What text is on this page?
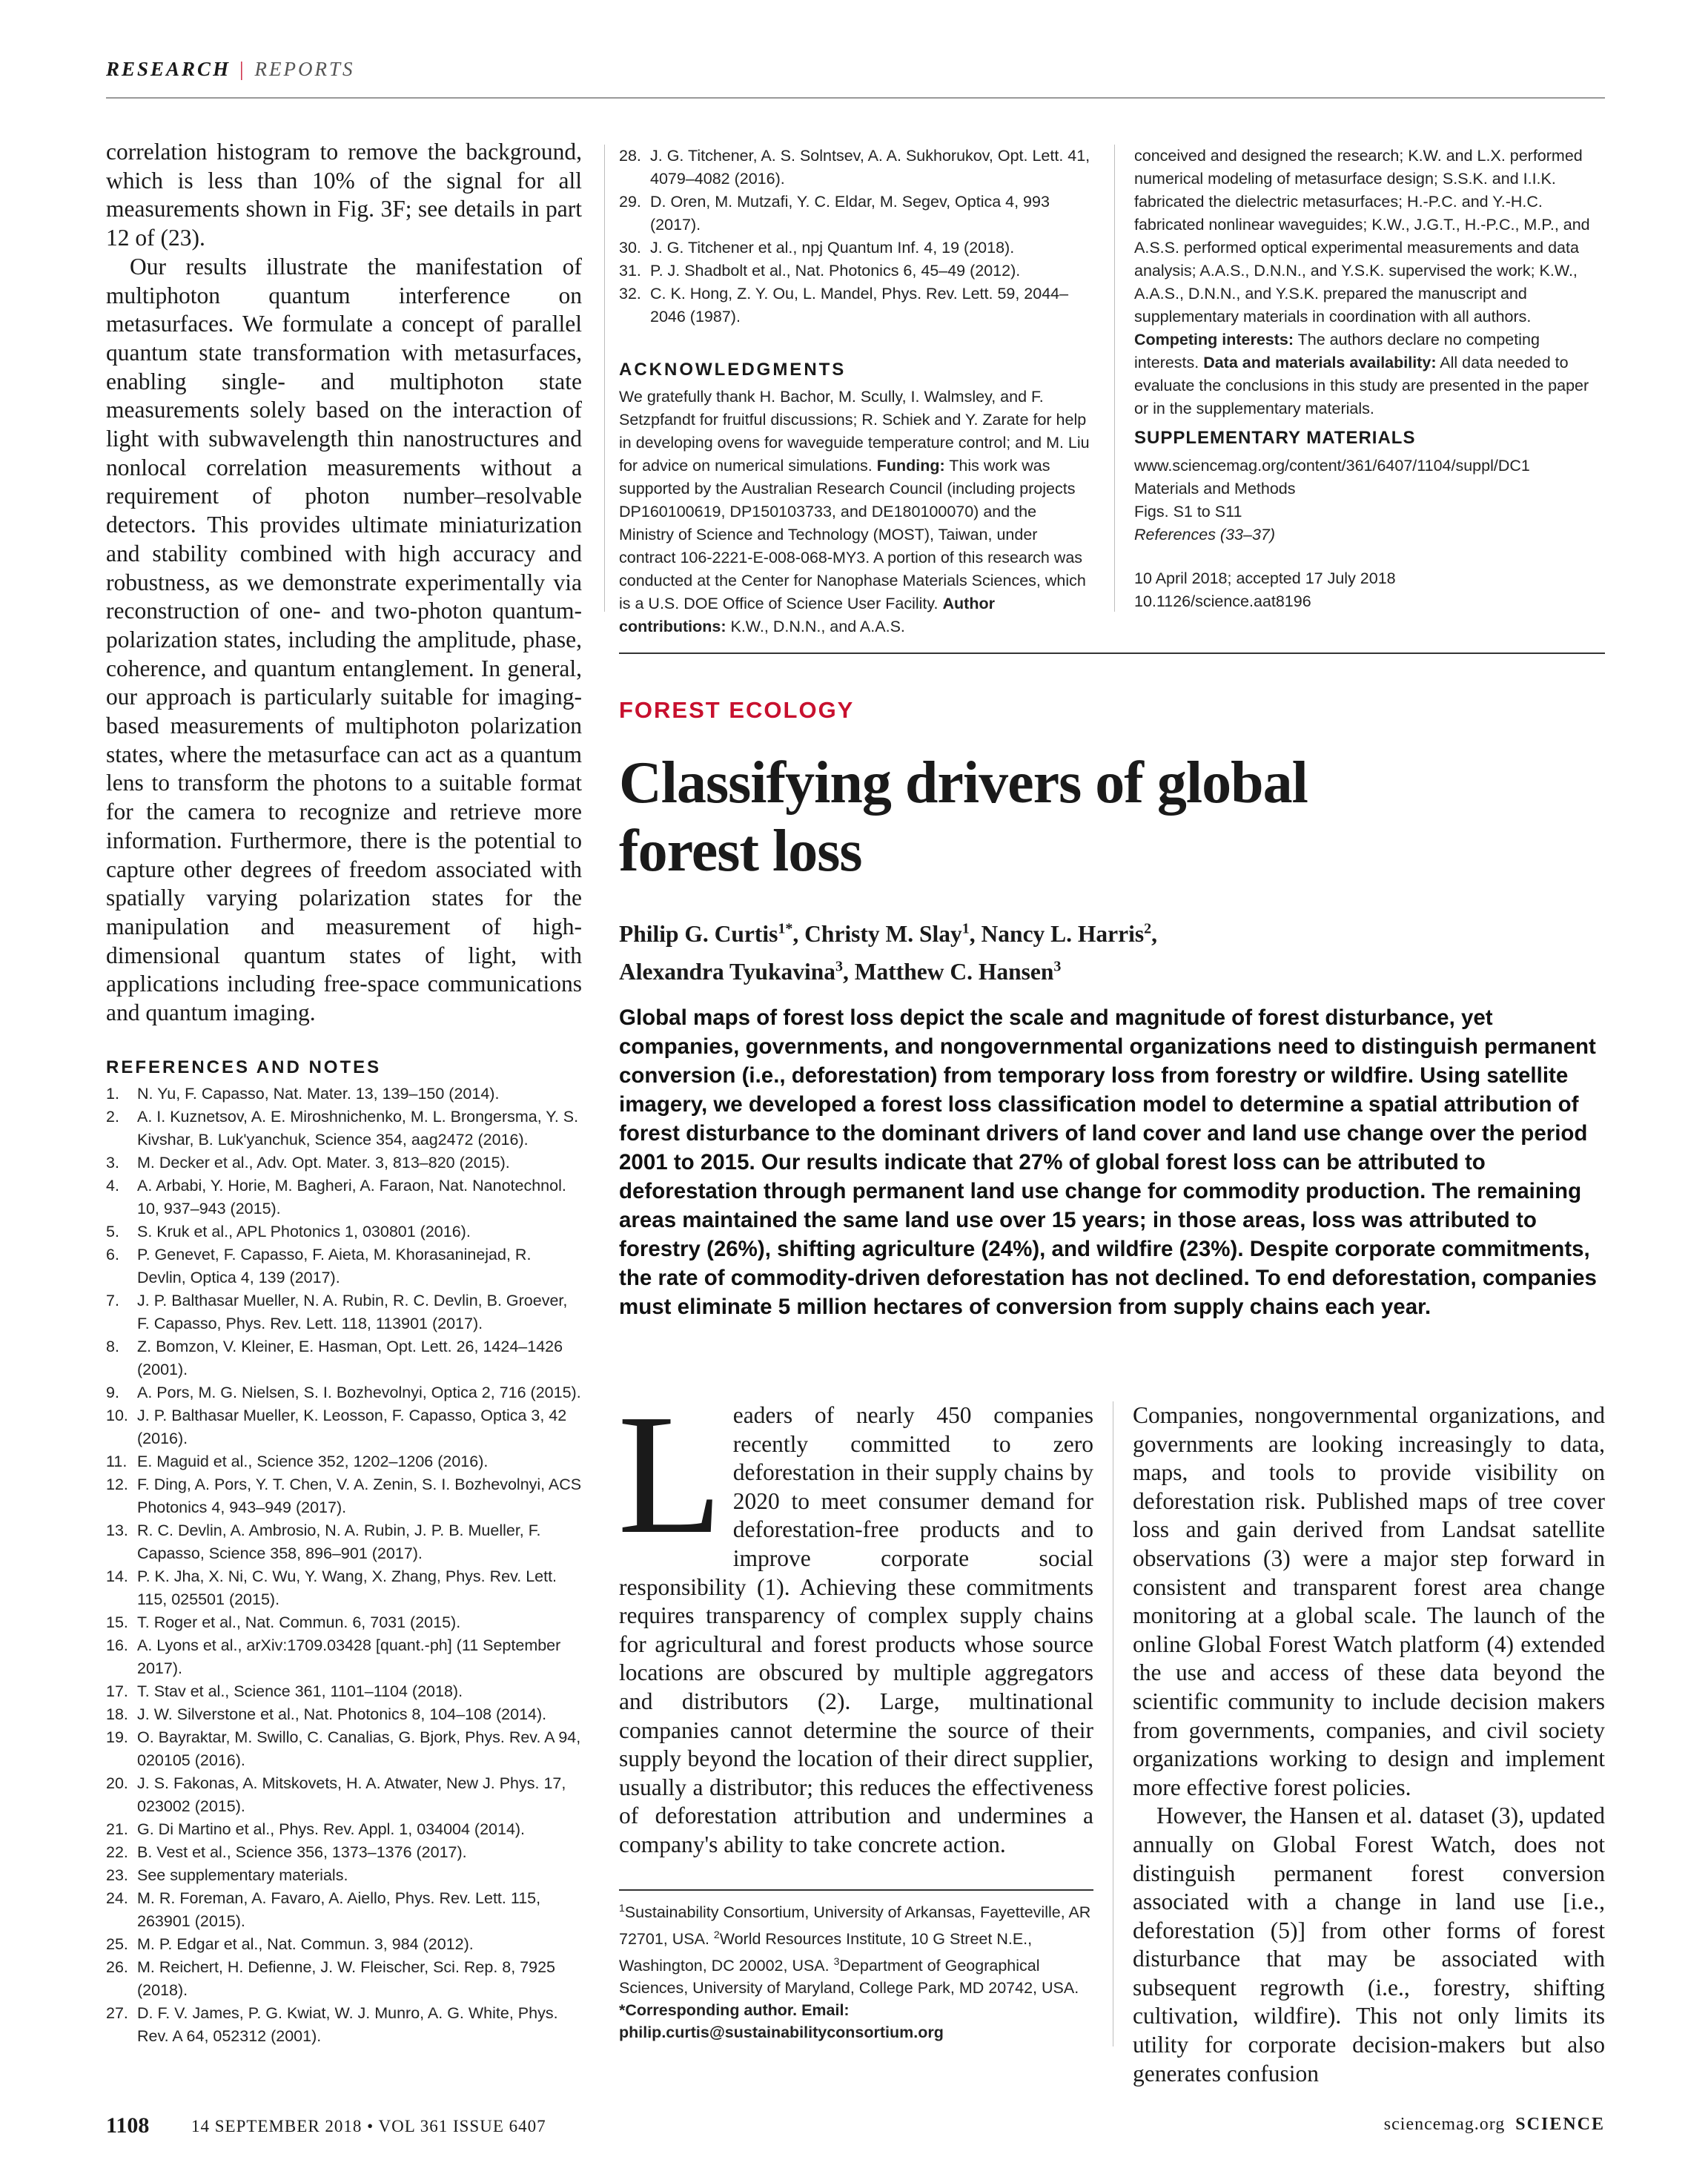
RESEARCH | REPORTS

correlation histogram to remove the background, which is less than 10% of the signal for all measurements shown in Fig. 3F; see details in part 12 of (23).

Our results illustrate the manifestation of multiphoton quantum interference on metasurfaces. We formulate a concept of parallel quantum state transformation with metasurfaces, enabling single- and multiphoton state measurements solely based on the interaction of light with subwavelength thin nanostructures and nonlocal correlation measurements without a requirement of photon number–resolvable detectors. This provides ultimate miniaturization and stability combined with high accuracy and robustness, as we demonstrate experimentally via reconstruction of one- and two-photon quantum-polarization states, including the amplitude, phase, coherence, and quantum entanglement. In general, our approach is particularly suitable for imaging-based measurements of multiphoton polarization states, where the metasurface can act as a quantum lens to transform the photons to a suitable format for the camera to recognize and retrieve more information. Furthermore, there is the potential to capture other degrees of freedom associated with spatially varying polarization states for the manipulation and measurement of high-dimensional quantum states of light, with applications including free-space communications and quantum imaging.

REFERENCES AND NOTES
1. N. Yu, F. Capasso, Nat. Mater. 13, 139–150 (2014).
2. A. I. Kuznetsov, A. E. Miroshnichenko, M. L. Brongersma, Y. S. Kivshar, B. Luk'yanchuk, Science 354, aag2472 (2016).
3. M. Decker et al., Adv. Opt. Mater. 3, 813–820 (2015).
4. A. Arbabi, Y. Horie, M. Bagheri, A. Faraon, Nat. Nanotechnol. 10, 937–943 (2015).
5. S. Kruk et al., APL Photonics 1, 030801 (2016).
6. P. Genevet, F. Capasso, F. Aieta, M. Khorasaninejad, R. Devlin, Optica 4, 139 (2017).
7. J. P. Balthasar Mueller, N. A. Rubin, R. C. Devlin, B. Groever, F. Capasso, Phys. Rev. Lett. 118, 113901 (2017).
8. Z. Bomzon, V. Kleiner, E. Hasman, Opt. Lett. 26, 1424–1426 (2001).
9. A. Pors, M. G. Nielsen, S. I. Bozhevolnyi, Optica 2, 716 (2015).
10. J. P. Balthasar Mueller, K. Leosson, F. Capasso, Optica 3, 42 (2016).
11. E. Maguid et al., Science 352, 1202–1206 (2016).
12. F. Ding, A. Pors, Y. T. Chen, V. A. Zenin, S. I. Bozhevolnyi, ACS Photonics 4, 943–949 (2017).
13. R. C. Devlin, A. Ambrosio, N. A. Rubin, J. P. B. Mueller, F. Capasso, Science 358, 896–901 (2017).
14. P. K. Jha, X. Ni, C. Wu, Y. Wang, X. Zhang, Phys. Rev. Lett. 115, 025501 (2015).
15. T. Roger et al., Nat. Commun. 6, 7031 (2015).
16. A. Lyons et al., arXiv:1709.03428 [quant.-ph] (11 September 2017).
17. T. Stav et al., Science 361, 1101–1104 (2018).
18. J. W. Silverstone et al., Nat. Photonics 8, 104–108 (2014).
19. O. Bayraktar, M. Swillo, C. Canalias, G. Bjork, Phys. Rev. A 94, 020105 (2016).
20. J. S. Fakonas, A. Mitskovets, H. A. Atwater, New J. Phys. 17, 023002 (2015).
21. G. Di Martino et al., Phys. Rev. Appl. 1, 034004 (2014).
22. B. Vest et al., Science 356, 1373–1376 (2017).
23. See supplementary materials.
24. M. R. Foreman, A. Favaro, A. Aiello, Phys. Rev. Lett. 115, 263901 (2015).
25. M. P. Edgar et al., Nat. Commun. 3, 984 (2012).
26. M. Reichert, H. Defienne, J. W. Fleischer, Sci. Rep. 8, 7925 (2018).
27. D. F. V. James, P. G. Kwiat, W. J. Munro, A. G. White, Phys. Rev. A 64, 052312 (2001).
28. J. G. Titchener, A. S. Solntsev, A. A. Sukhorukov, Opt. Lett. 41, 4079–4082 (2016).
29. D. Oren, M. Mutzafi, Y. C. Eldar, M. Segev, Optica 4, 993 (2017).
30. J. G. Titchener et al., npj Quantum Inf. 4, 19 (2018).
31. P. J. Shadbolt et al., Nat. Photonics 6, 45–49 (2012).
32. C. K. Hong, Z. Y. Ou, L. Mandel, Phys. Rev. Lett. 59, 2044–2046 (1987).
ACKNOWLEDGMENTS
We gratefully thank H. Bachor, M. Scully, I. Walmsley, and F. Setzpfandt for fruitful discussions; R. Schiek and Y. Zarate for help in developing ovens for waveguide temperature control; and M. Liu for advice on numerical simulations. Funding: This work was supported by the Australian Research Council (including projects DP160100619, DP150103733, and DE180100070) and the Ministry of Science and Technology (MOST), Taiwan, under contract 106-2221-E-008-068-MY3. A portion of this research was conducted at the Center for Nanophase Materials Sciences, which is a U.S. DOE Office of Science User Facility. Author contributions: K.W., D.N.N., and A.A.S.
conceived and designed the research; K.W. and L.X. performed numerical modeling of metasurface design; S.S.K. and I.I.K. fabricated the dielectric metasurfaces; H.-P.C. and Y.-H.C. fabricated nonlinear waveguides; K.W., J.G.T., H.-P.C., M.P., and A.S.S. performed optical experimental measurements and data analysis; A.A.S., D.N.N., and Y.S.K. supervised the work; K.W., A.A.S., D.N.N., and Y.S.K. prepared the manuscript and supplementary materials in coordination with all authors. Competing interests: The authors declare no competing interests. Data and materials availability: All data needed to evaluate the conclusions in this study are presented in the paper or in the supplementary materials.
SUPPLEMENTARY MATERIALS
www.sciencemag.org/content/361/6407/1104/suppl/DC1
Materials and Methods
Figs. S1 to S11
References (33–37)
10 April 2018; accepted 17 July 2018
10.1126/science.aat8196
FOREST ECOLOGY
Classifying drivers of global
forest loss
Philip G. Curtis$^{1*}$, Christy M. Slay$^1$, Nancy L. Harris$^2$,
Alexandra Tyukavina$^3$, Matthew C. Hansen$^3$
Global maps of forest loss depict the scale and magnitude of forest disturbance, yet companies, governments, and nongovernmental organizations need to distinguish permanent conversion (i.e., deforestation) from temporary loss from forestry or wildfire. Using satellite imagery, we developed a forest loss classification model to determine a spatial attribution of forest disturbance to the dominant drivers of land cover and land use change over the period 2001 to 2015. Our results indicate that 27% of global forest loss can be attributed to deforestation through permanent land use change for commodity production. The remaining areas maintained the same land use over 15 years; in those areas, loss was attributed to forestry (26%), shifting agriculture (24%), and wildfire (23%). Despite corporate commitments, the rate of commodity-driven deforestation has not declined. To end deforestation, companies must eliminate 5 million hectares of conversion from supply chains each year.

Leaders of nearly 450 companies recently committed to zero deforestation in their supply chains by 2020 to meet consumer demand for deforestation-free products and to improve corporate social responsibility (1). Achieving these commitments requires transparency of complex supply chains for agricultural and forest products whose source locations are obscured by multiple aggregators and distributors (2). Large, multinational companies cannot determine the source of their supply beyond the location of their direct supplier, usually a distributor; this reduces the effectiveness of deforestation attribution and undermines a company's ability to take concrete action.

Companies, nongovernmental organizations, and governments are looking increasingly to data, maps, and tools to provide visibility on deforestation risk. Published maps of tree cover loss and gain derived from Landsat satellite observations (3) were a major step forward in consistent and transparent forest area change monitoring at a global scale. The launch of the online Global Forest Watch platform (4) extended the use and access of these data beyond the scientific community to include decision makers from governments, companies, and civil society organizations working to design and implement more effective forest policies.

However, the Hansen et al. dataset (3), updated annually on Global Forest Watch, does not distinguish permanent forest conversion associated with a change in land use [i.e., deforestation (5)] from other forms of forest disturbance that may be associated with subsequent regrowth (i.e., forestry, shifting cultivation, wildfire). This not only limits its utility for corporate decision-makers but also generates confusion

$^1$Sustainability Consortium, University of Arkansas, Fayetteville, AR 72701, USA. $^2$World Resources Institute, 10 G Street N.E., Washington, DC 20002, USA. $^3$Department of Geographical Sciences, University of Maryland, College Park, MD 20742, USA.
*Corresponding author. Email: philip.curtis@sustainabilityconsortium.org
1108 14 SEPTEMBER 2018 • VOL 361 ISSUE 6407	sciencemag.org SCIENCE
